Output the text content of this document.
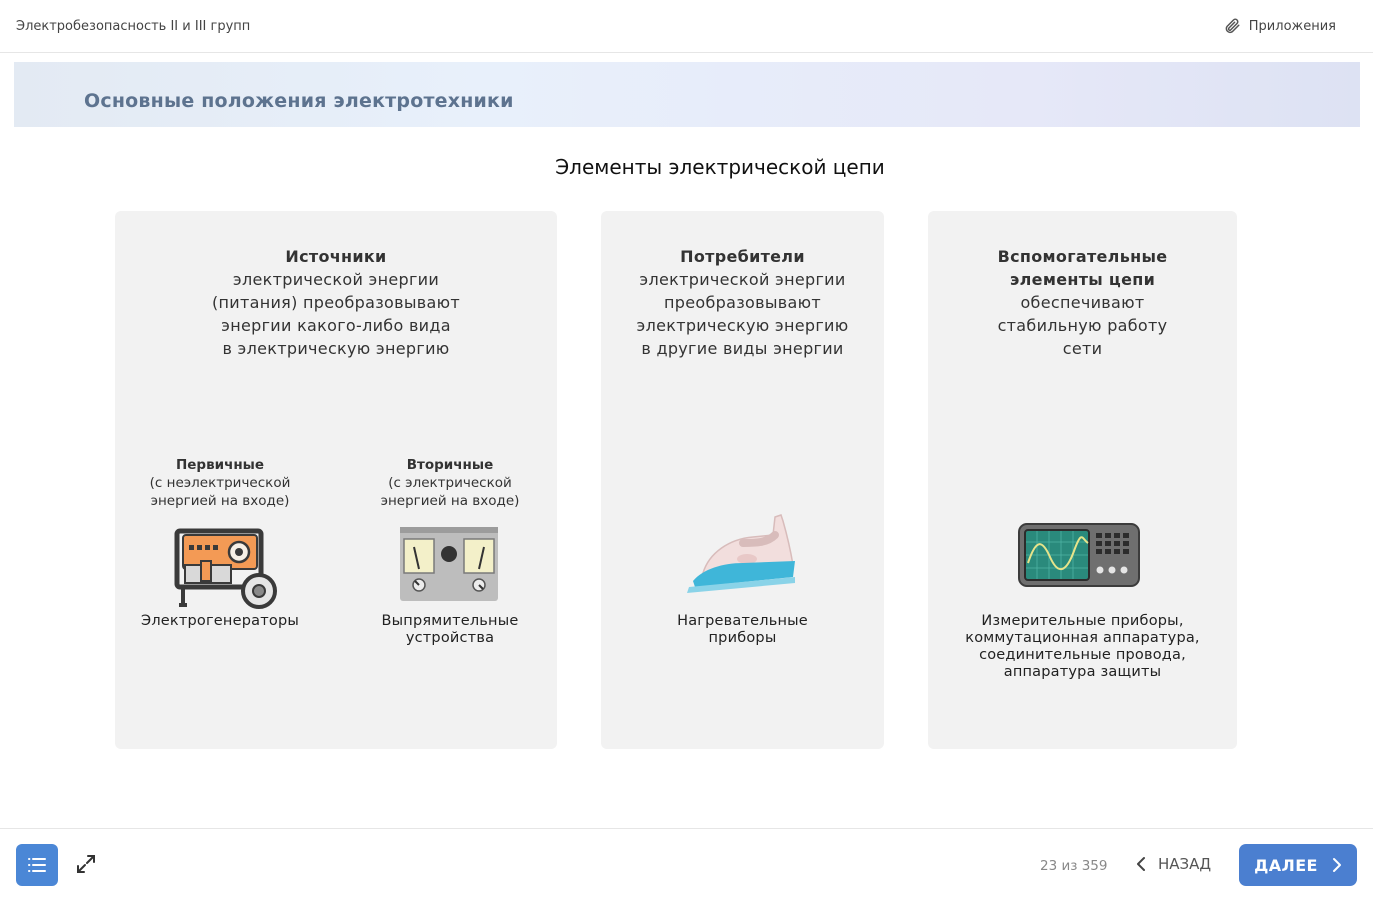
Электробезопасность II и III групп	Приложения
Основные положения электротехники
Элементы электрической цепи
Источники
электрической энергии
(питания) преобразовывают
энергии какого-либо вида
в электрическую энергию
Первичные
(с неэлектрической
энергией на входе)
Вторичные
(с электрической
энергией на входе)
Электрогенераторы	Выпрямительные
устройства
Потребители
электрической энергии
преобразовывают
электрическую энергию
в другие виды энергии
Нагревательные
приборы
Вспомогательные
элементы цепи
обеспечивают
стабильную работу
сети
Измерительные приборы,
коммутационная аппаратура,
соединительные провода,
аппаратура защиты
23 из 359	НАЗАД	ДАЛЕЕ
